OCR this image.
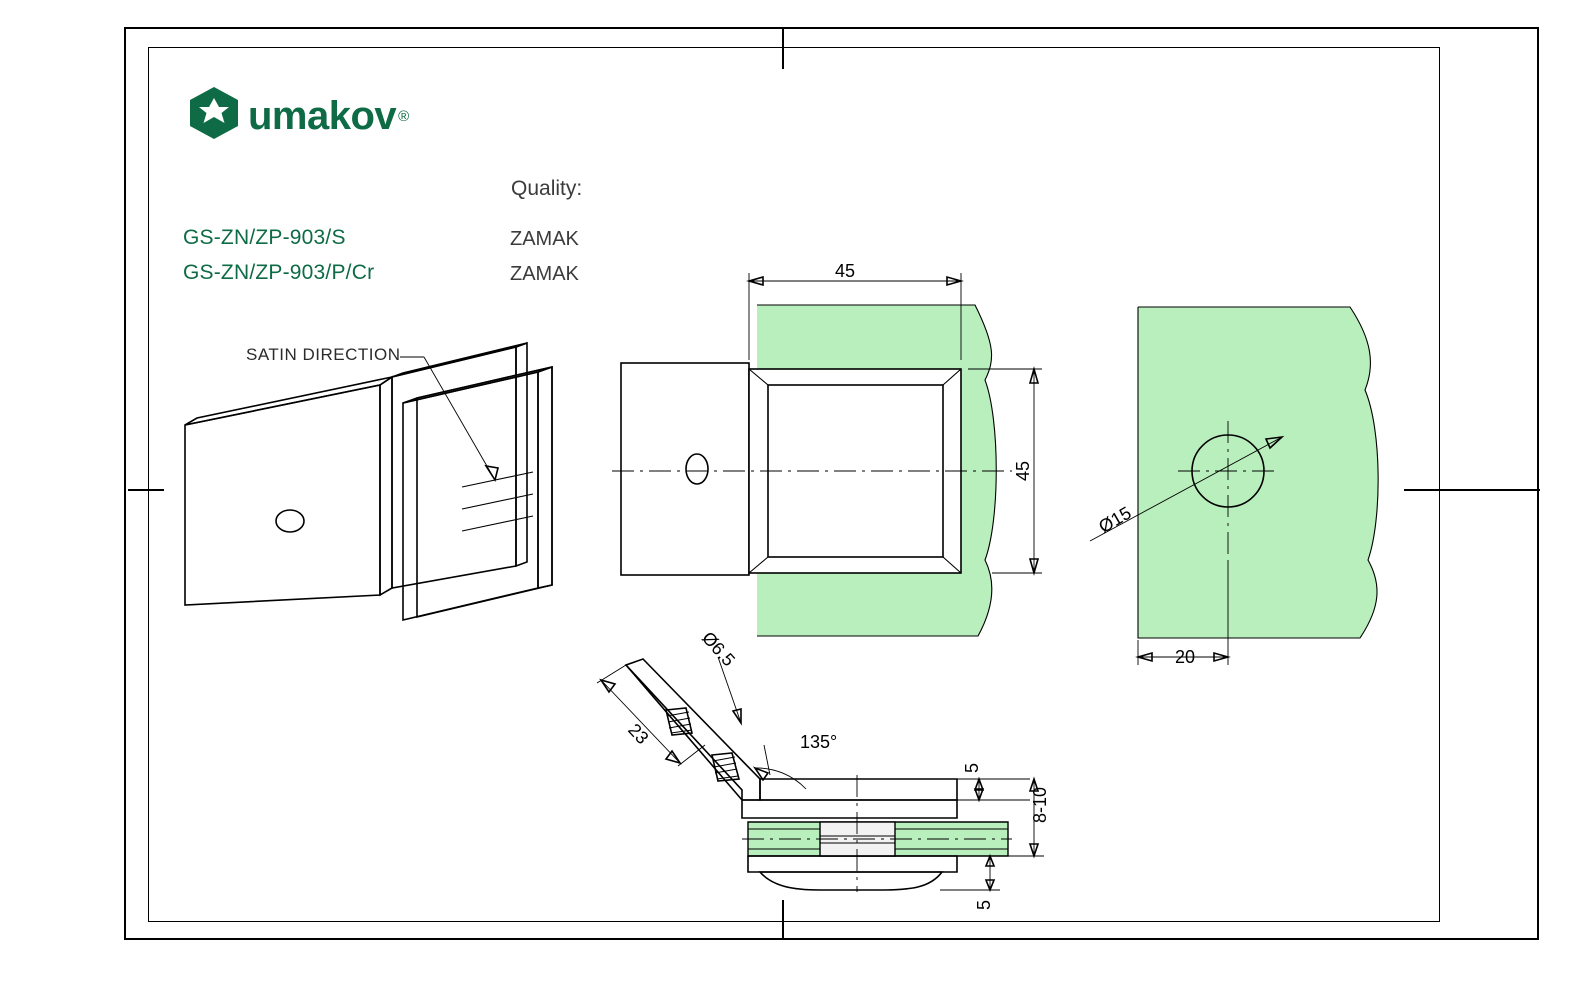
umakov ®
GS-ZN/ZP-903/S
GS-ZN/ZP-903/P/Cr
Quality:
ZAMAK
ZAMAK
SATIN DIRECTION
45
45
Ø15
20
23
Ø6.5
135°
5
8-10
5
